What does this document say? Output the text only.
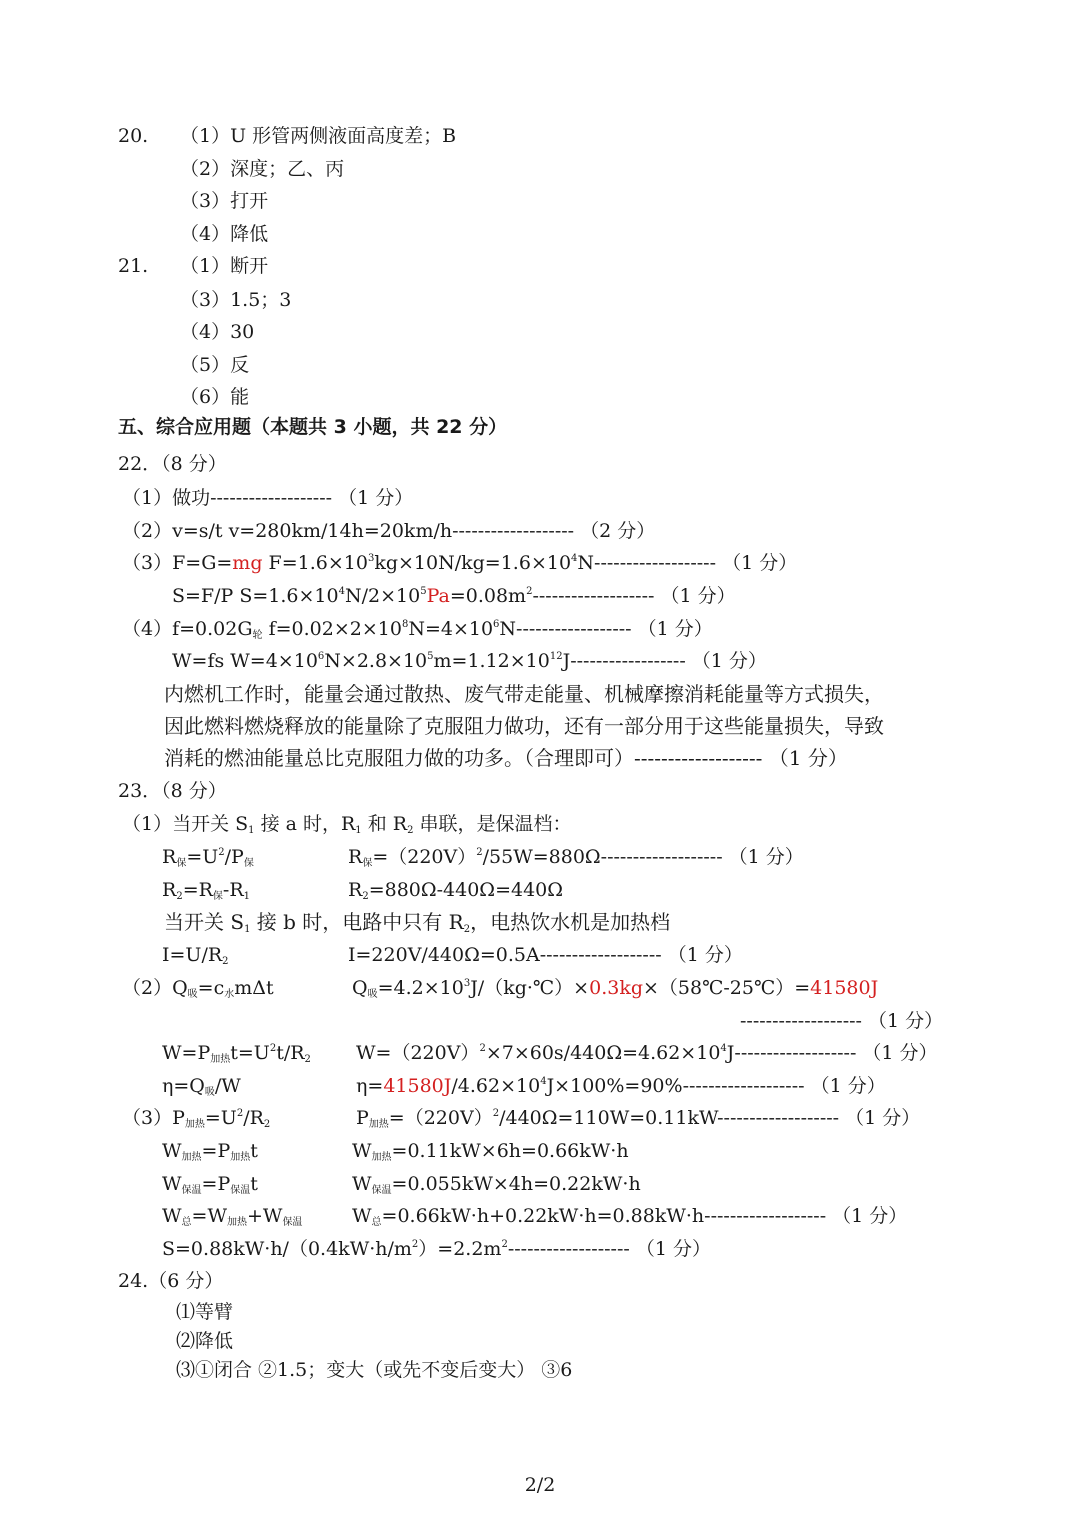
20. （1）U 形管两侧液面高度差；B
（2）深度；乙、丙
（3）打开
（4）降低
21. （1）断开
（3）1.5；3
（4）30
（5）反
（6）能
五、综合应用题（本题共 3 小题，共 22 分）
22．（8 分）
（1）做功------------------- （1 分）
（2）v=s/t v=280km/14h=20km/h------------------- （2 分）
（3）F=G=mg $F=1.6\times 10^3kg\times 10N/kg=1.6\times 10^4N-------------------$ （1 分）
S=F/P $S=1.6\times 10^4N/2\times 10^5Pa=0.08m^2-------------------$ （1 分）
$(4)f=0.02G_轮$ $f=0.02\times 2\times 10^8N=4\times 10^6N------------------$ （1 分）
W=fs $W=4\times 10^6N\times 2.8\times 10^5m=1.12\times 10^{12}J------------------$ （1 分）
内燃机工作时，能量会通过散热、废气带走能量、机械摩擦消耗能量等方式损失，
因此燃料燃烧释放的能量除了克服阻力做功，还有一部分用于这些能量损失，导致
消耗的燃油能量总比克服阻力做的功多。（合理即可）------------------- （1 分）
23．（8 分）
（1）当开关 $S_1$ 接 a 时，$R_1$ 和 $R_2$ 串联，是保温档：
$R_保=U^2/P_保$	$R_保=(220V)^2/55W=880\Omega-------------------$ （1 分）
$R_2=R_保-R_1$	$R_2=880\Omega-440\Omega=440\Omega$
当开关 $S_1$ 接 b 时，电路中只有 $R_2$，电热饮水机是加热档
$I=U/R_2$	I=220V/440Ω=0.5A------------------- （1 分）
$(2)Q_吸=c_水m\Delta t$	$Q_吸=4.2\times 10^3J/(kg\cdot℃)\times 0.3kg\times(58℃-25℃)=41580J$
------------------- （1 分）
$W=P_{加热}t=U^2t/R_2$ $W=(220V)^2\times 7\times 60s/440\Omega=4.62\times 10^4J-------------------$ （1 分）
$\eta=Q_吸/W$	$\eta=41580J/4.62\times 10^4J\times 100\%=90\%-------------------$ （1 分）
$(3)P_{加热}=U^2/R_2$	$P_{加热}=(220V)^2/440\Omega=110W=0.11kW-------------------$ （1 分）
$W_{加热}=P_{加热}t$	$W_{加热}=0.11kW\times 6h=0.66kW\cdot h$
$W_{保温}=P_{保温}t$	$W_{保温}=0.055kW\times 4h=0.22kW\cdot h$
$W_总=W_{加热}+W_{保温}$	$W_总=0.66kW\cdot h+0.22kW\cdot h=0.88kW\cdot h-------------------$ （1 分）
$S=0.88kW\cdot h/(0.4kW\cdot h/m^2)=2.2m^2-------------------$ （1 分）
24.（6 分）
⑴等臂
⑵降低
⑶①闭合 ②1.5；变大（或先不变后变大） ③6
2/2
